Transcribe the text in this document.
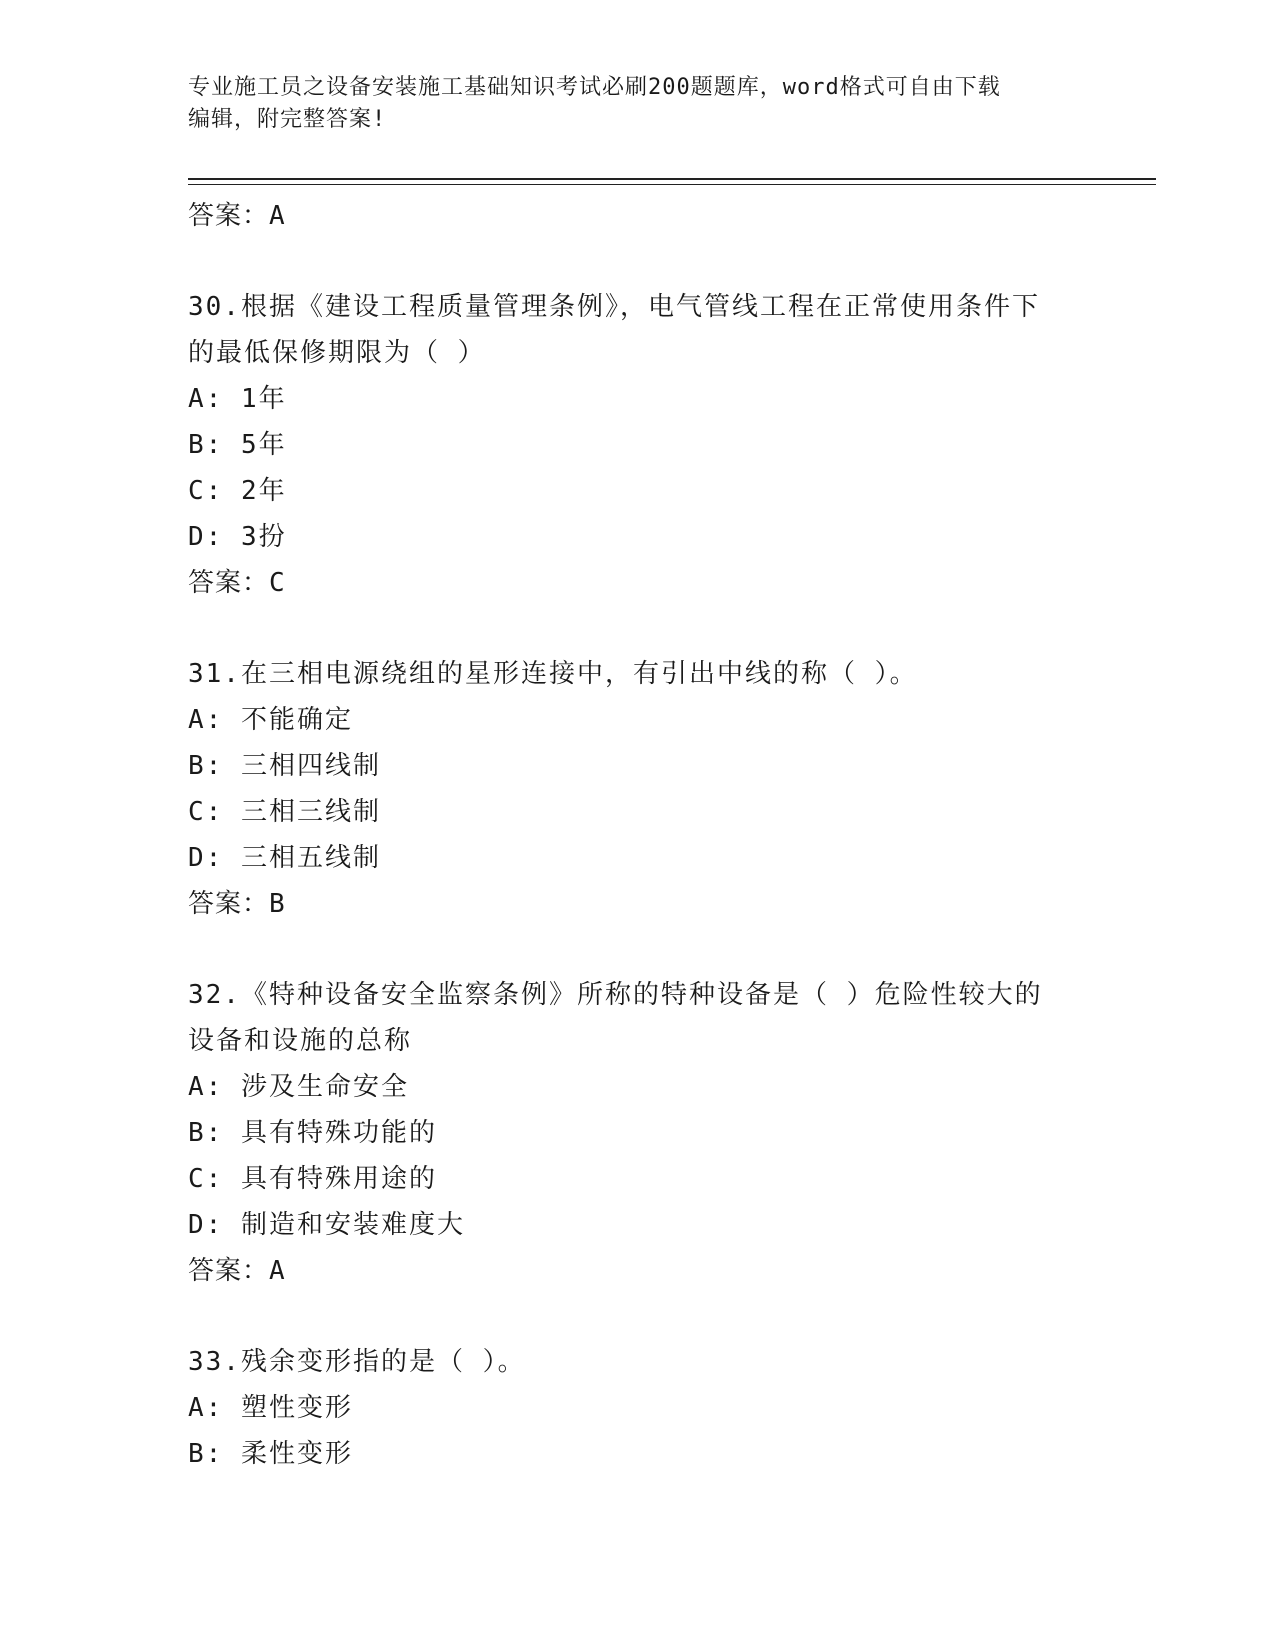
专业施工员之设备安装施工基础知识考试必刷200题题库，word格式可自由下载
编辑，附完整答案!
答案：A
30.根据《建设工程质量管理条例》，电气管线工程在正常使用条件下
的最低保修期限为（ ）
A: 1年
B: 5年
C: 2年
D: 3扮
答案：C
31.在三相电源绕组的星形连接中，有引出中线的称（ ）。
A: 不能确定
B: 三相四线制
C: 三相三线制
D: 三相五线制
答案：B
32.《特种设备安全监察条例》所称的特种设备是（ ）危险性较大的
设备和设施的总称
A: 涉及生命安全
B: 具有特殊功能的
C: 具有特殊用途的
D: 制造和安装难度大
答案：A
33.残余变形指的是（ ）。
A: 塑性变形
B: 柔性变形
